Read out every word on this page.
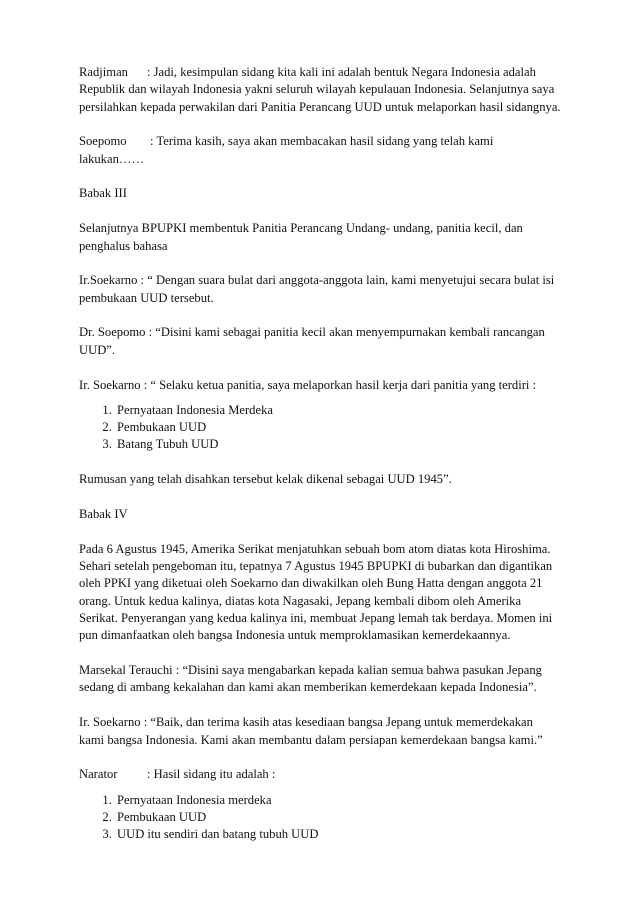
Radjiman : Jadi, kesimpulan sidang kita kali ini adalah bentuk Negara Indonesia adalah Republik dan wilayah Indonesia yakni seluruh wilayah kepulauan Indonesia. Selanjutnya saya persilahkan kepada perwakilan dari Panitia Perancang UUD untuk melaporkan hasil sidangnya.

Soepomo : Terima kasih, saya akan membacakan hasil sidang yang telah kami lakukan……

Babak III

Selanjutnya BPUPKI membentuk Panitia Perancang Undang- undang, panitia kecil, dan penghalus bahasa

Ir.Soekarno : “ Dengan suara bulat dari anggota-anggota lain, kami menyetujui secara bulat isi pembukaan UUD tersebut.

Dr. Soepomo : “Disini kami sebagai panitia kecil akan menyempurnakan kembali rancangan UUD”.

Ir. Soekarno : “ Selaku ketua panitia, saya melaporkan hasil kerja dari panitia yang terdiri :

1. Pernyataan Indonesia Merdeka
2. Pembukaan UUD
3. Batang Tubuh UUD

Rumusan yang telah disahkan tersebut kelak dikenal sebagai UUD 1945”.

Babak IV

Pada 6 Agustus 1945, Amerika Serikat menjatuhkan sebuah bom atom diatas kota Hiroshima. Sehari setelah pengeboman itu, tepatnya 7 Agustus 1945 BPUPKI di bubarkan dan digantikan oleh PPKI yang diketuai oleh Soekarno dan diwakilkan oleh Bung Hatta dengan anggota 21 orang. Untuk kedua kalinya, diatas kota Nagasaki, Jepang kembali dibom oleh Amerika Serikat. Penyerangan yang kedua kalinya ini, membuat Jepang lemah tak berdaya. Momen ini pun dimanfaatkan oleh bangsa Indonesia untuk memproklamasikan kemerdekaannya.

Marsekal Terauchi : “Disini saya mengabarkan kepada kalian semua bahwa pasukan Jepang sedang di ambang kekalahan dan kami akan memberikan kemerdekaan kepada Indonesia”.

Ir. Soekarno : “Baik, dan terima kasih atas kesediaan bangsa Jepang untuk memerdekakan kami bangsa Indonesia. Kami akan membantu dalam persiapan kemerdekaan bangsa kami.”

Narator : Hasil sidang itu adalah :

1. Pernyataan Indonesia merdeka
2. Pembukaan UUD
3. UUD itu sendiri dan batang tubuh UUD
